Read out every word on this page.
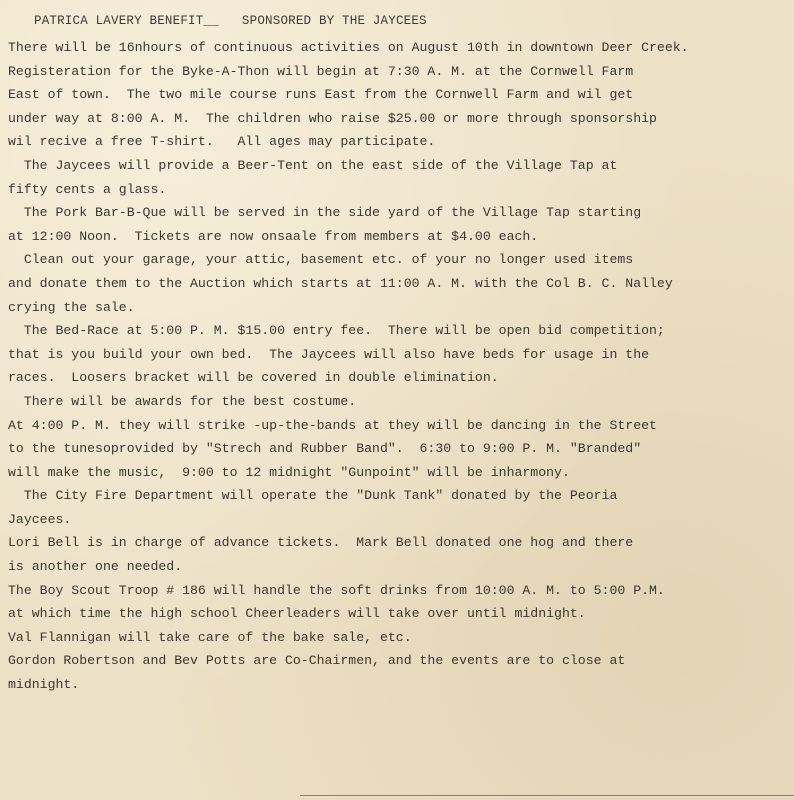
PATRICA LAVERY BENEFIT__   SPONSORED BY THE JAYCEES
There will be 16nhours of continuous activities on August 10th in downtown Deer Creek.
Registeration for the Byke-A-Thon will begin at 7:30 A. M. at the Cornwell Farm
East of town.  The two mile course runs East from the Cornwell Farm and wil get
under way at 8:00 A. M.  The children who raise $25.00 or more through sponsorship
wil recive a free T-shirt.   All ages may participate.
The Jaycees will provide a Beer-Tent on the east side of the Village Tap at
fifty cents a glass.
The Pork Bar-B-Que will be served in the side yard of the Village Tap starting
at 12:00 Noon.  Tickets are now onsaale from members at $4.00 each.
Clean out your garage, your attic, basement etc. of your no longer used items
and donate them to the Auction which starts at 11:00 A. M. with the Col B. C. Nalley
crying the sale.
The Bed-Race at 5:00 P. M. $15.00 entry fee.  There will be open bid competition;
that is you build your own bed.  The Jaycees will also have beds for usage in the
races.  Loosers bracket will be covered in double elimination.
There will be awards for the best costume.
At 4:00 P. M. they will strike -up-the-bands at they will be dancing in the Street
to the tunesoprovided by "Strech and Rubber Band".  6:30 to 9:00 P. M. "Branded"
will make the music,  9:00 to 12 midnight "Gunpoint" will be inharmony.
The City Fire Department will operate the "Dunk Tank" donated by the Peoria
Jaycees.
Lori Bell is in charge of advance tickets.  Mark Bell donated one hog and there
is another one needed.
The Boy Scout Troop # 186 will handle the soft drinks from 10:00 A. M. to 5:00 P.M.
at which time the high school Cheerleaders will take over until midnight.
Val Flannigan will take care of the bake sale, etc.
Gordon Robertson and Bev Potts are Co-Chairmen, and the events are to close at
midnight.
